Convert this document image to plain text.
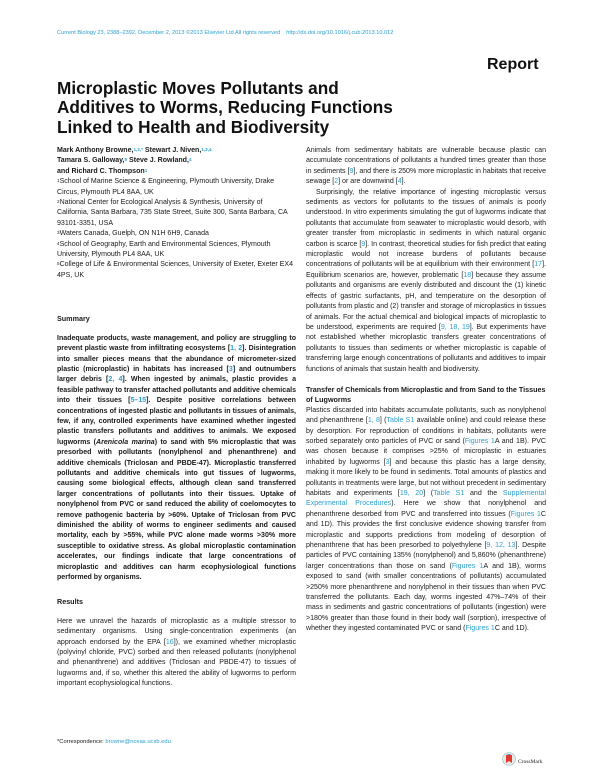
Current Biology 23, 2388–2392, December 2, 2013 ©2013 Elsevier Ltd All rights reserved http://dx.doi.org/10.1016/j.cub.2013.10.012
Report
Microplastic Moves Pollutants and Additives to Worms, Reducing Functions Linked to Health and Biodiversity
Mark Anthony Browne,$^{1,2,*}$ Stewart J. Niven,$^{1,3,4}$
Tamara S. Galloway,$^5$ Steve J. Rowland,$^4$
and Richard C. Thompson$^1$
$^1$School of Marine Science & Engineering, Plymouth University, Drake Circus, Plymouth PL4 8AA, UK
$^2$National Center for Ecological Analysis & Synthesis, University of California, Santa Barbara, 735 State Street, Suite 300, Santa Barbara, CA 93101-3351, USA
$^3$Waters Canada, Guelph, ON N1H 6H9, Canada
$^4$School of Geography, Earth and Environmental Sciences, Plymouth University, Plymouth PL4 8AA, UK
$^5$College of Life & Environmental Sciences, University of Exeter, Exeter EX4 4PS, UK
Summary

Inadequate products, waste management, and policy are struggling to prevent plastic waste from infiltrating ecosystems [1, 2]. Disintegration into smaller pieces means that the abundance of micrometer-sized plastic (microplastic) in habitats has increased [3] and outnumbers larger debris [2, 4]. When ingested by animals, plastic provides a feasible pathway to transfer attached pollutants and additive chemicals into their tissues [5–15]. Despite positive correlations between concentrations of ingested plastic and pollutants in tissues of animals, few, if any, controlled experiments have examined whether ingested plastic transfers pollutants and additives to animals. We exposed lugworms (Arenicola marina) to sand with 5% microplastic that was presorbed with pollutants (nonylphenol and phenanthrene) and additive chemicals (Triclosan and PBDE-47). Microplastic transferred pollutants and additive chemicals into gut tissues of lugworms, causing some biological effects, although clean sand transferred larger concentrations of pollutants into their tissues. Uptake of nonylphenol from PVC or sand reduced the ability of coelomocytes to remove pathogenic bacteria by >60%. Uptake of Triclosan from PVC diminished the ability of worms to engineer sediments and caused mortality, each by >55%, while PVC alone made worms >30% more susceptible to oxidative stress. As global microplastic contamination accelerates, our findings indicate that large concentrations of microplastic and additives can harm ecophysiological functions performed by organisms.

Results

Here we unravel the hazards of microplastic as a multiple stressor to sedimentary organisms. Using single-concentration experiments (an approach endorsed by the EPA [16]), we examined whether microplastic (polyvinyl chloride, PVC) sorbed and then released pollutants (nonylphenol and phenanthrene) and additives (Triclosan and PBDE-47) to tissues of lugworms and, if so, whether this altered the ability of lugworms to perform important ecophysiological functions.

Animals from sedimentary habitats are vulnerable because plastic can accumulate concentrations of pollutants a hundred times greater than those in sediments [9], and there is 250% more microplastic in habitats that receive sewage [2] or are downwind [4].

Surprisingly, the relative importance of ingesting microplastic versus sediments as vectors for pollutants to the tissues of animals is poorly understood. In vitro experiments simulating the gut of lugworms indicate that pollutants that accumulate from seawater to microplastic would desorb, with greater transfer from microplastic in sediments in which natural organic carbon is scarce [9]. In contrast, theoretical studies for fish predict that eating microplastic would not increase burdens of pollutants because concentrations of pollutants will be at equilibrium with their environment [17]. Equilibrium scenarios are, however, problematic [18] because they assume pollutants and organisms are evenly distributed and discount the (1) kinetic effects of gastric surfactants, pH, and temperature on the desorption of pollutants from plastic and (2) transfer and storage of microplastics in tissues of animals. For the actual chemical and biological impacts of microplastic to be understood, experiments are required [9, 18, 19]. But experiments have not established whether microplastic transfers greater concentrations of pollutants to tissues than sediments or whether microplastic is capable of transferring large enough concentrations of pollutants and additives to impair functions of animals that sustain health and biodiversity.

Transfer of Chemicals from Microplastic and from Sand to the Tissues of Lugworms

Plastics discarded into habitats accumulate pollutants, such as nonylphenol and phenanthrene [1, 8] (Table S1 available online) and could release these by desorption. For reproduction of conditions in habitats, pollutants were sorbed separately onto particles of PVC or sand (Figures 1A and 1B). PVC was chosen because it comprises >25% of microplastic in estuaries inhabited by lugworms [3] and because this plastic has a large density, making it more likely to be found in sediments. Total amounts of plastics and pollutants in treatments were large, but not without precedent in sedimentary habitats and experiments [19, 20] (Table S1 and the Supplemental Experimental Procedures). Here we show that nonylphenol and phenanthrene desorbed from PVC and transferred into tissues (Figures 1C and 1D). This provides the first conclusive evidence showing transfer from microplastic and supports predictions from modeling of desorption of phenanthrene that has been presorbed to polyethylene [9, 12, 13]. Despite particles of PVC containing 135% (nonylphenol) and 5,860% (phenanthrene) larger concentrations than those on sand (Figures 1A and 1B), worms exposed to sand (with smaller concentrations of pollutants) accumulated >250% more phenanthrene and nonylphenol in their tissues than when PVC transferred the pollutants. Each day, worms ingested 47%–74% of their mass in sediments and gastric concentrations of pollutants (ingestion) were >180% greater than those found in their body wall (sorption), irrespective of whether they ingested contaminated PVC or sand (Figures 1C and 1D).

*Correspondence: browne@nceas.ucsb.edu
CrossMark
